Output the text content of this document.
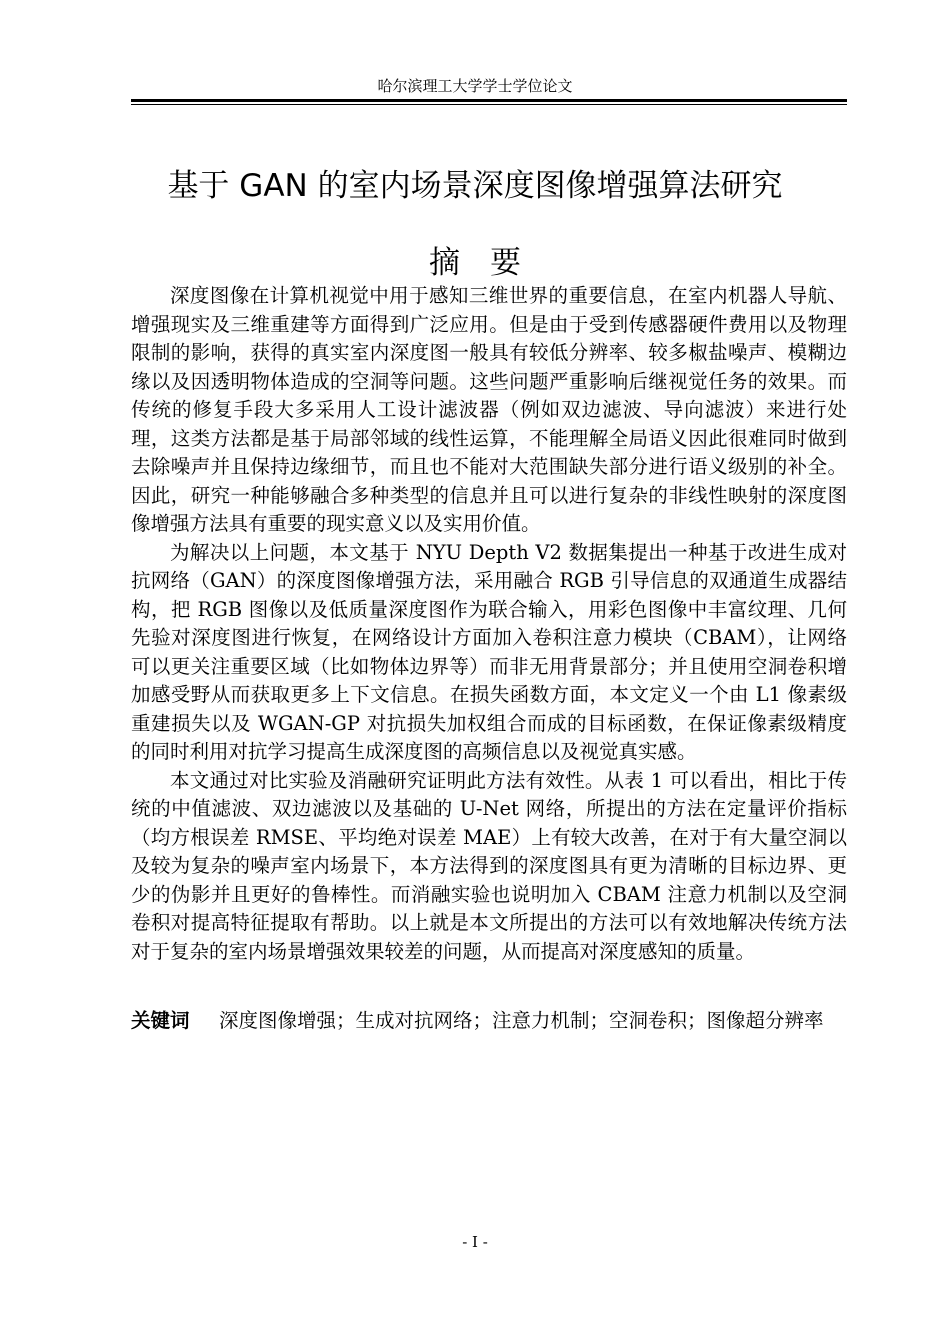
哈尔滨理工大学学士学位论文
基于 GAN 的室内场景深度图像增强算法研究
摘要

深度图像在计算机视觉中用于感知三维世界的重要信息，在室内机器人导航、增强现实及三维重建等方面得到广泛应用。但是由于受到传感器硬件费用以及物理限制的影响，获得的真实室内深度图一般具有较低分辨率、较多椒盐噪声、模糊边缘以及因透明物体造成的空洞等问题。这些问题严重影响后继视觉任务的效果。而传统的修复手段大多采用人工设计滤波器（例如双边滤波、导向滤波）来进行处理，这类方法都是基于局部邻域的线性运算，不能理解全局语义因此很难同时做到去除噪声并且保持边缘细节，而且也不能对大范围缺失部分进行语义级别的补全。因此，研究一种能够融合多种类型的信息并且可以进行复杂的非线性映射的深度图像增强方法具有重要的现实意义以及实用价值。

为解决以上问题，本文基于 NYU Depth V2 数据集提出一种基于改进生成对抗网络（GAN）的深度图像增强方法，采用融合 RGB 引导信息的双通道生成器结构，把 RGB 图像以及低质量深度图作为联合输入，用彩色图像中丰富纹理、几何先验对深度图进行恢复，在网络设计方面加入卷积注意力模块（CBAM），让网络可以更关注重要区域（比如物体边界等）而非无用背景部分；并且使用空洞卷积增加感受野从而获取更多上下文信息。在损失函数方面，本文定义一个由 L1 像素级重建损失以及 WGAN-GP 对抗损失加权组合而成的目标函数，在保证像素级精度的同时利用对抗学习提高生成深度图的高频信息以及视觉真实感。

本文通过对比实验及消融研究证明此方法有效性。从表 1 可以看出，相比于传统的中值滤波、双边滤波以及基础的 U-Net 网络，所提出的方法在定量评价指标（均方根误差 RMSE、平均绝对误差 MAE）上有较大改善，在对于有大量空洞以及较为复杂的噪声室内场景下，本方法得到的深度图具有更为清晰的目标边界、更少的伪影并且更好的鲁棒性。而消融实验也说明加入 CBAM 注意力机制以及空洞卷积对提高特征提取有帮助。以上就是本文所提出的方法可以有效地解决传统方法对于复杂的室内场景增强效果较差的问题，从而提高对深度感知的质量。

关键词	深度图像增强；生成对抗网络；注意力机制；空洞卷积；图像超分辨率
- I -
